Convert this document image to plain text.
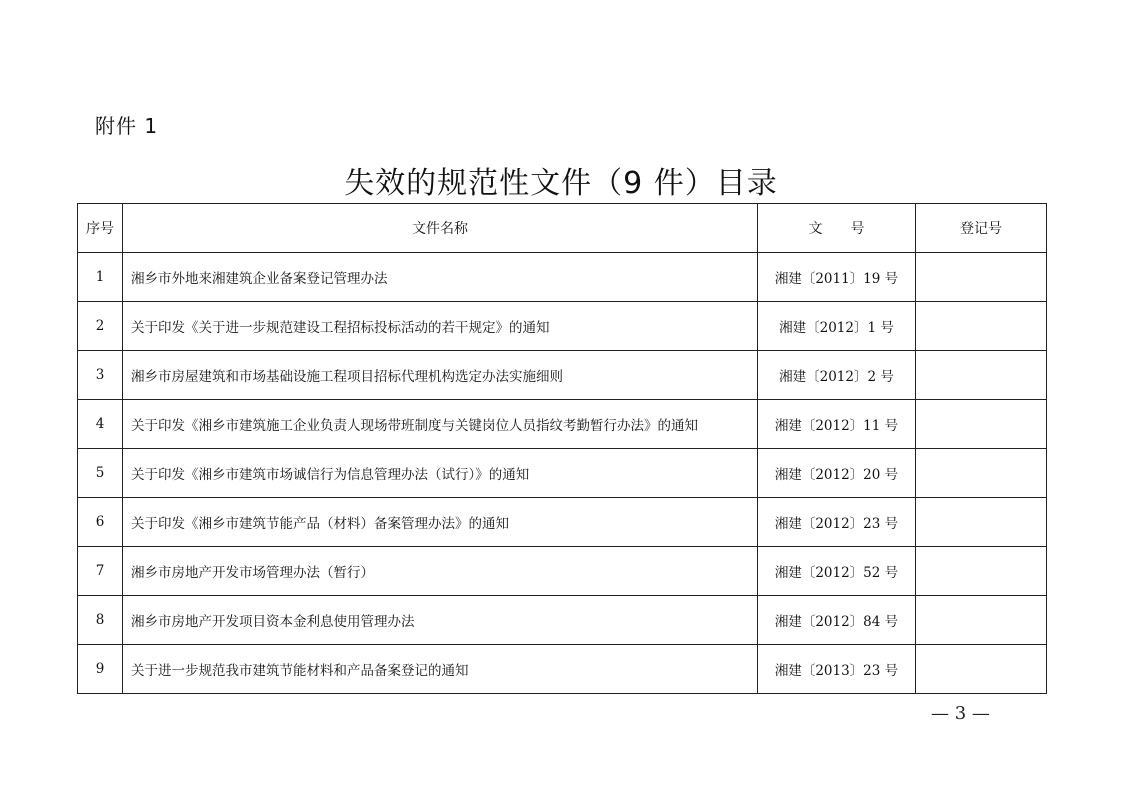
附件 1
失效的规范性文件（9 件）目录
序号	文件名称	文　　号	登记号
1	湘乡市外地来湘建筑企业备案登记管理办法	湘建〔2011〕19 号	
2	关于印发《关于进一步规范建设工程招标投标活动的若干规定》的通知	湘建〔2012〕1 号	
3	湘乡市房屋建筑和市场基础设施工程项目招标代理机构选定办法实施细则	湘建〔2012〕2 号	
4	关于印发《湘乡市建筑施工企业负责人现场带班制度与关键岗位人员指纹考勤暂行办法》的通知	湘建〔2012〕11 号	
5	关于印发《湘乡市建筑市场诚信行为信息管理办法（试行）》的通知	湘建〔2012〕20 号	
6	关于印发《湘乡市建筑节能产品（材料）备案管理办法》的通知	湘建〔2012〕23 号	
7	湘乡市房地产开发市场管理办法（暂行）	湘建〔2012〕52 号	
8	湘乡市房地产开发项目资本金利息使用管理办法	湘建〔2012〕84 号	
9	关于进一步规范我市建筑节能材料和产品备案登记的通知	湘建〔2013〕23 号	
— 3 —
